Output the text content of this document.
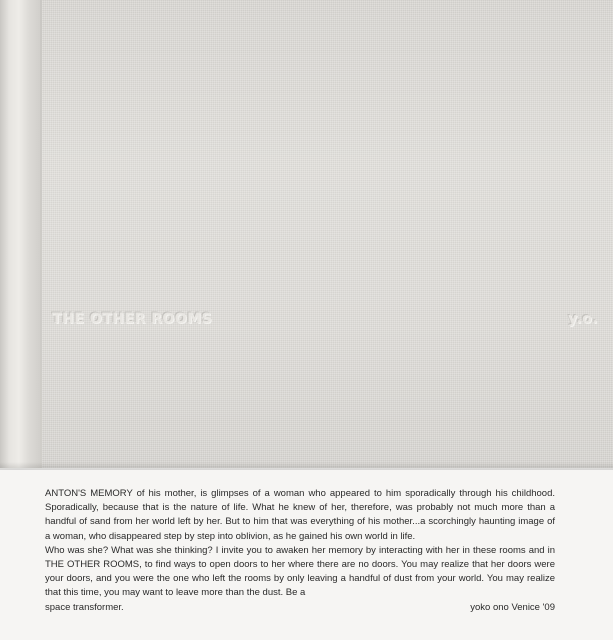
THE OTHER ROOMS	y.o.

ANTON'S MEMORY of his mother, is glimpses of a woman who appeared to him sporadically through his childhood. Sporadically, because that is the nature of life. What he knew of her, therefore, was probably not much more than a handful of sand from her world left by her. But to him that was everything of his mother...a scorchingly haunting image of a woman, who disappeared step by step into oblivion, as he gained his own world in life.

Who was she? What was she thinking? I invite you to awaken her memory by interacting with her in these rooms and in THE OTHER ROOMS, to find ways to open doors to her where there are no doors. You may realize that her doors were your doors, and you were the one who left the rooms by only leaving a handful of dust from your world. You may realize that this time, you may want to leave more than the dust. Be a

space transformer.	yoko ono Venice '09
